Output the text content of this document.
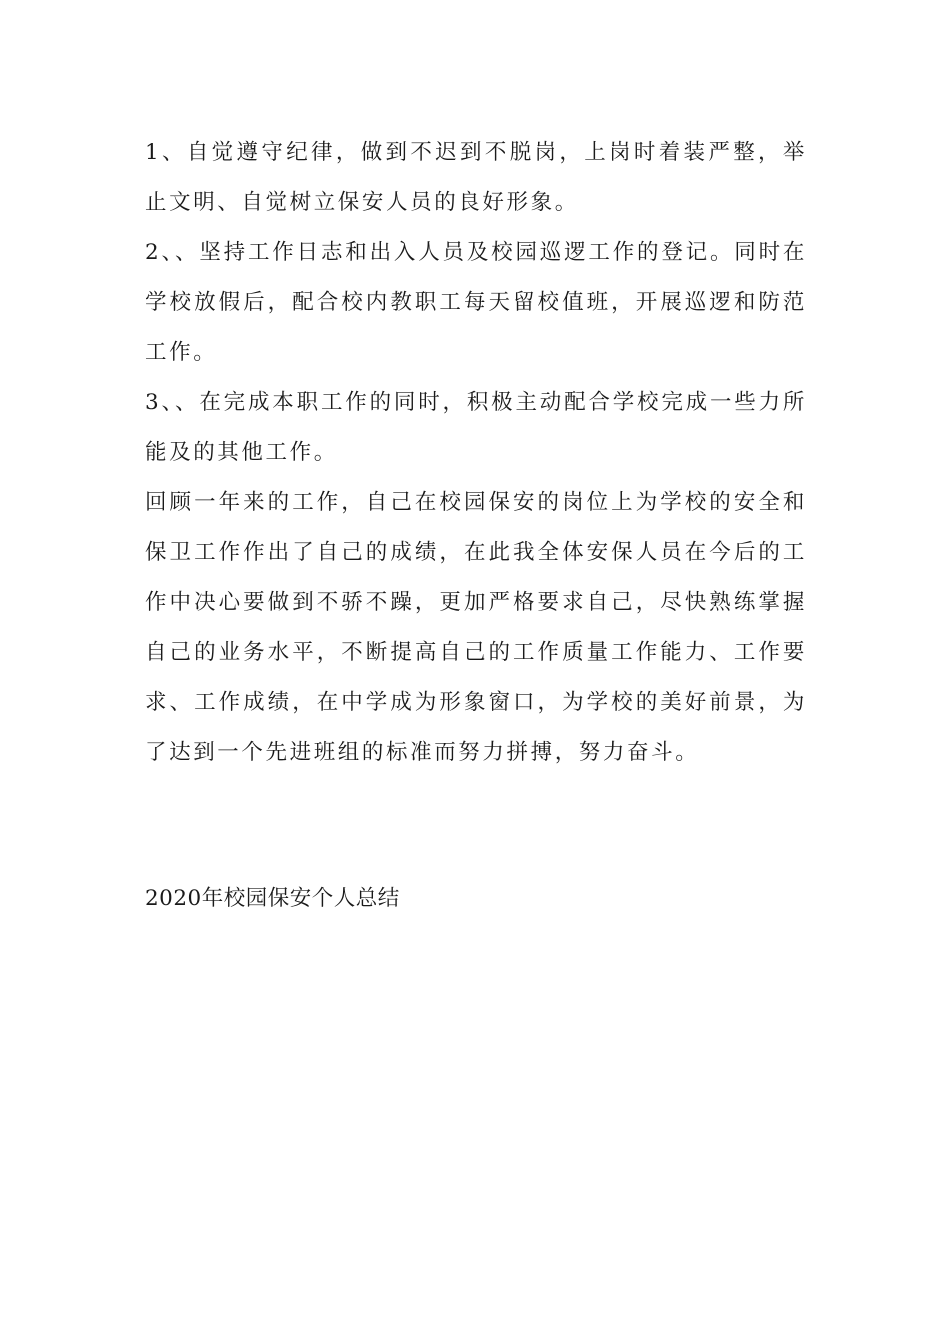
1、自觉遵守纪律，做到不迟到不脱岗，上岗时着装严整，举止文明、自觉树立保安人员的良好形象。

2、、坚持工作日志和出入人员及校园巡逻工作的登记。同时在学校放假后，配合校内教职工每天留校值班，开展巡逻和防范工作。

3、、在完成本职工作的同时，积极主动配合学校完成一些力所能及的其他工作。

回顾一年来的工作，自己在校园保安的岗位上为学校的安全和保卫工作作出了自己的成绩，在此我全体安保人员在今后的工作中决心要做到不骄不躁，更加严格要求自己，尽快熟练掌握自己的业务水平，不断提高自己的工作质量工作能力、工作要求、工作成绩，在中学成为形象窗口，为学校的美好前景，为了达到一个先进班组的标准而努力拼搏，努力奋斗。

2020年校园保安个人总结
